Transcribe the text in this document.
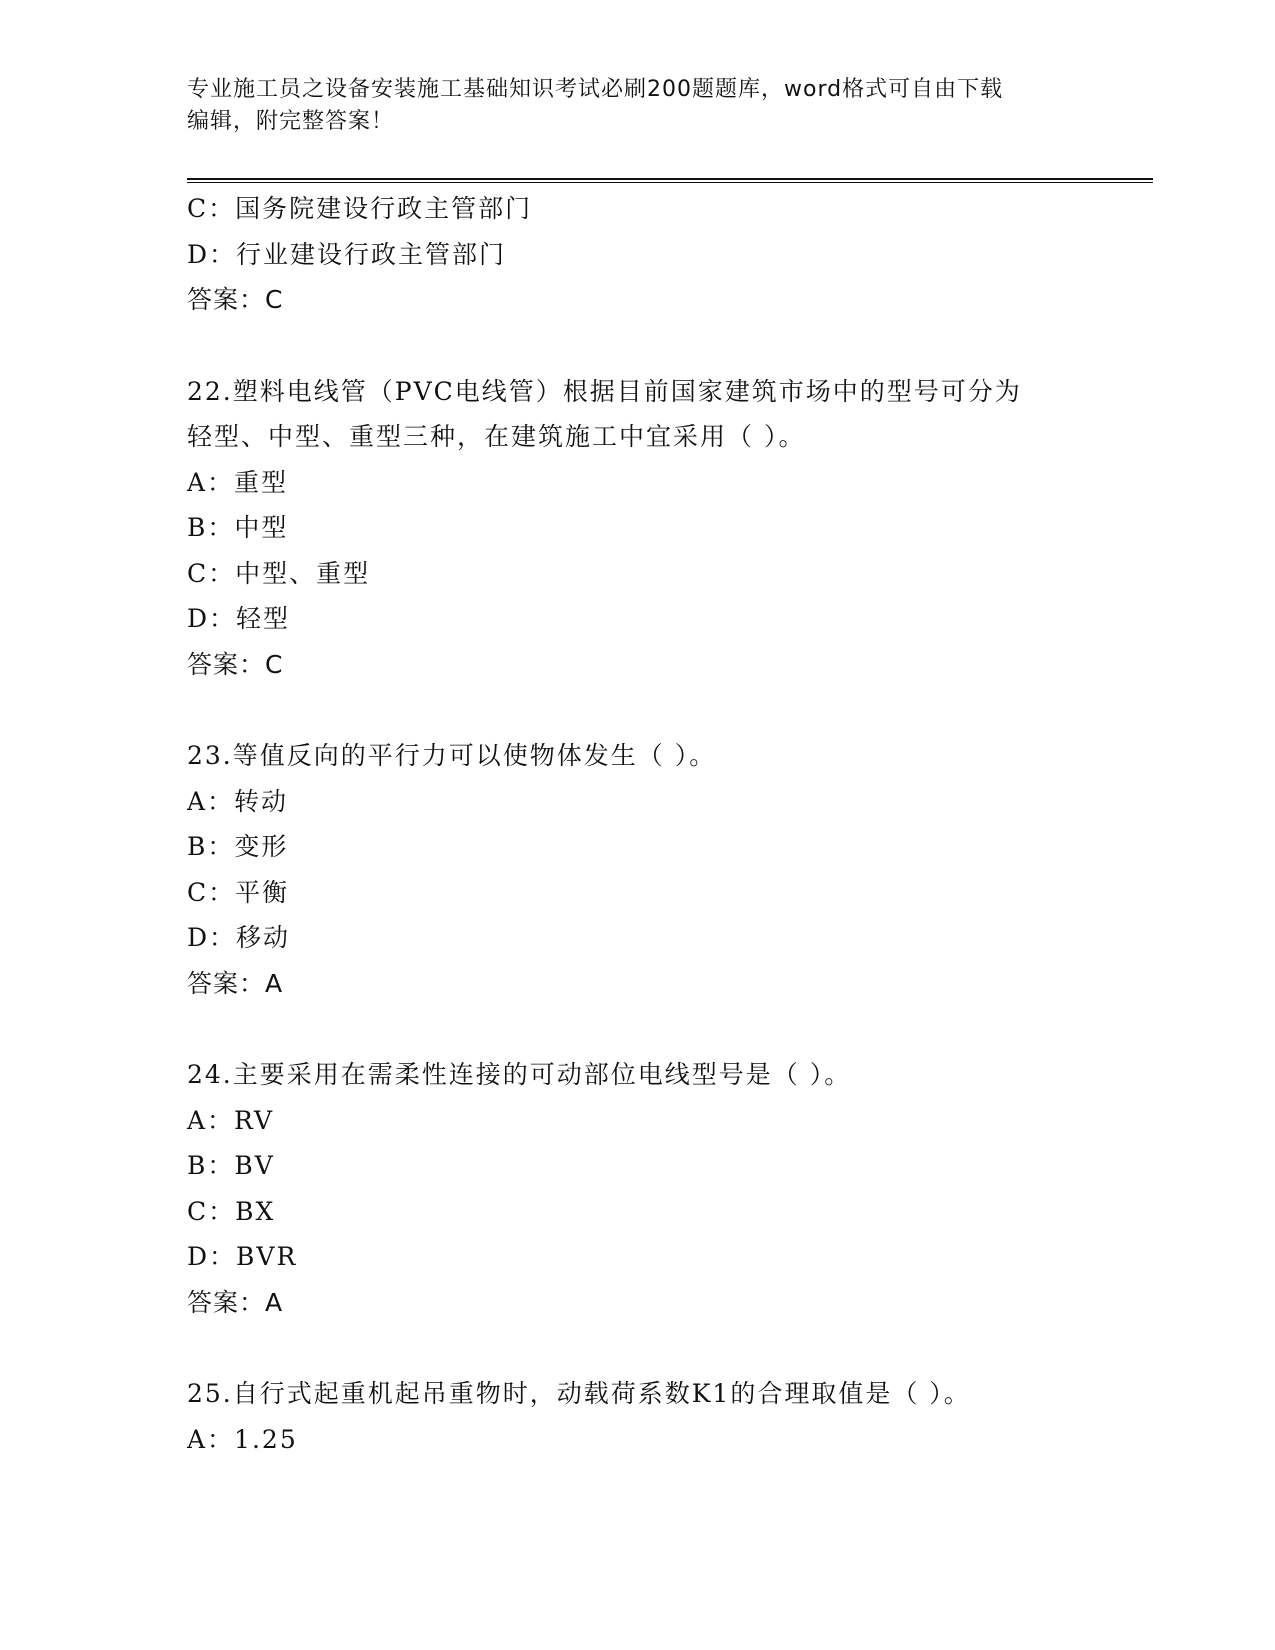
专业施工员之设备安装施工基础知识考试必刷200题题库，word格式可自由下载
编辑，附完整答案！
C：国务院建设行政主管部门
D：行业建设行政主管部门
答案：C
22.塑料电线管（PVC电线管）根据目前国家建筑市场中的型号可分为
轻型、中型、重型三种，在建筑施工中宜采用（ ）。
A：重型
B：中型
C：中型、重型
D：轻型
答案：C
23.等值反向的平行力可以使物体发生（ ）。
A：转动
B：变形
C：平衡
D：移动
答案：A
24.主要采用在需柔性连接的可动部位电线型号是（ ）。
A：RV
B：BV
C：BX
D：BVR
答案：A
25.自行式起重机起吊重物时，动载荷系数K1的合理取值是（ ）。
A：1.25
